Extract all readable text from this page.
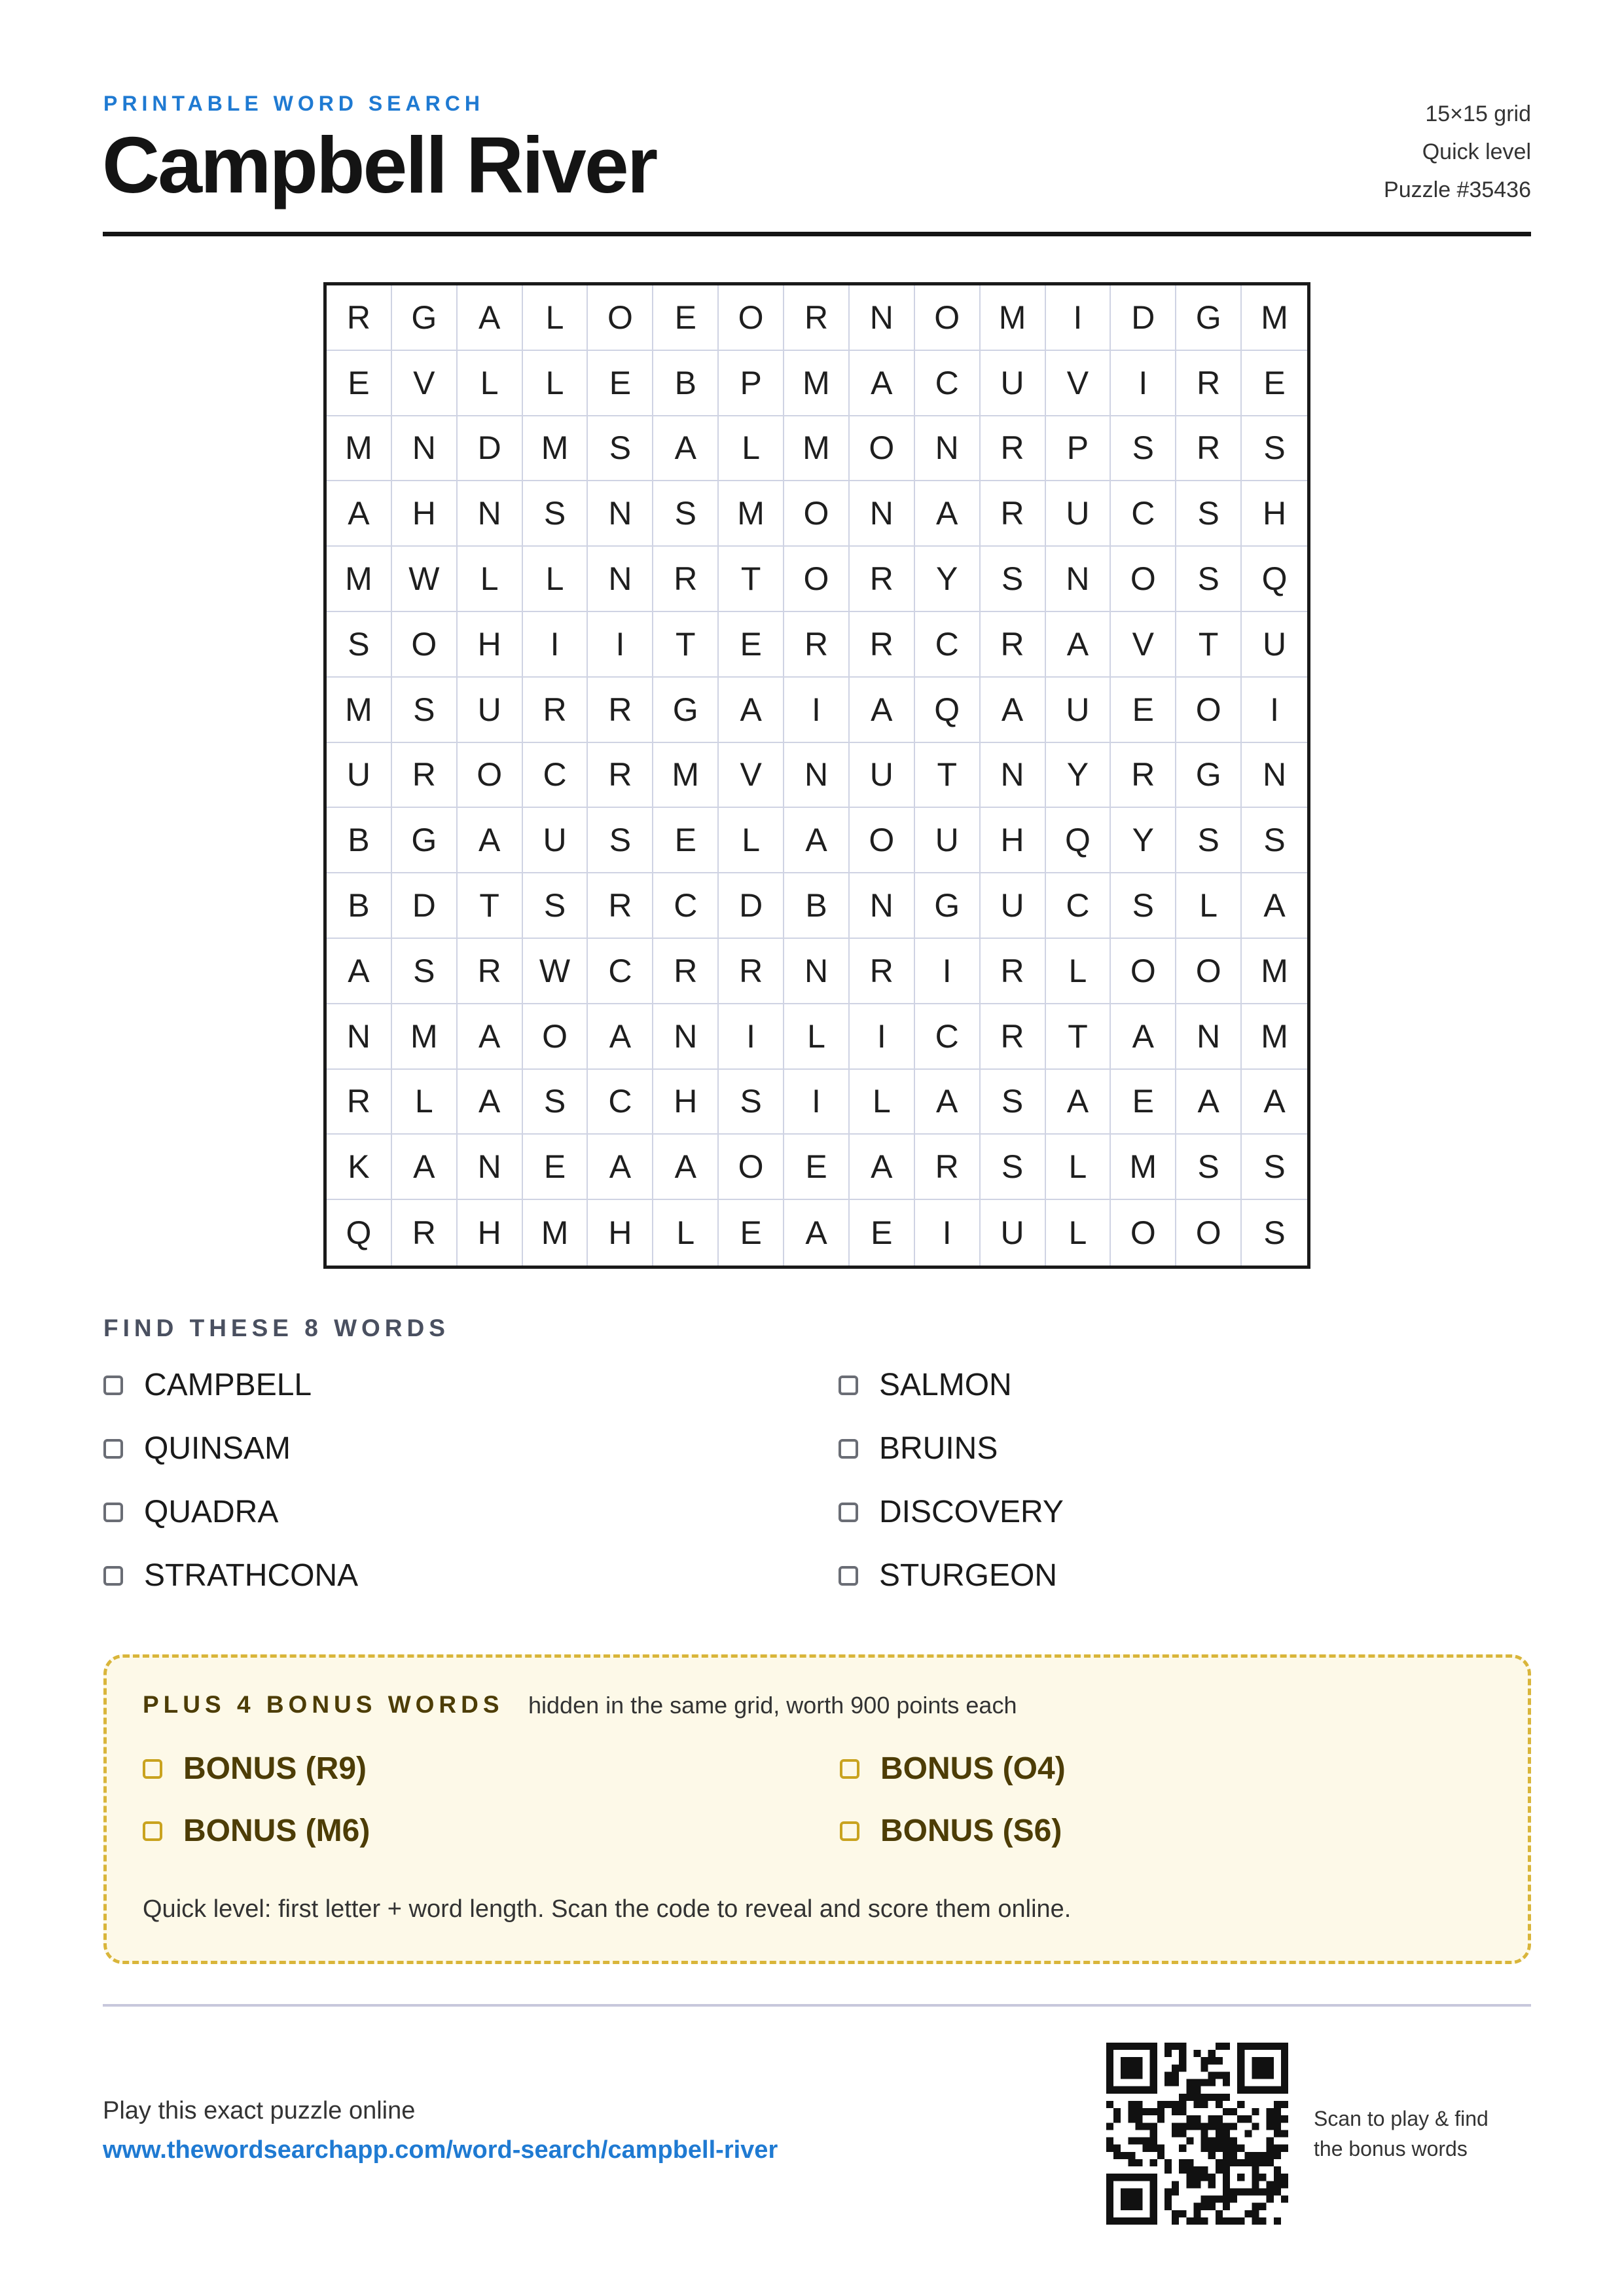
PRINTABLE WORD SEARCH
Campbell River
15×15 grid
Quick level
Puzzle #35436
R	G	A	L	O	E	O	R	N	O	M	I	D	G	M
E	V	L	L	E	B	P	M	A	C	U	V	I	R	E
M	N	D	M	S	A	L	M	O	N	R	P	S	R	S
A	H	N	S	N	S	M	O	N	A	R	U	C	S	H
M	W	L	L	N	R	T	O	R	Y	S	N	O	S	Q
S	O	H	I	I	T	E	R	R	C	R	A	V	T	U
M	S	U	R	R	G	A	I	A	Q	A	U	E	O	I
U	R	O	C	R	M	V	N	U	T	N	Y	R	G	N
B	G	A	U	S	E	L	A	O	U	H	Q	Y	S	S
B	D	T	S	R	C	D	B	N	G	U	C	S	L	A
A	S	R	W	C	R	R	N	R	I	R	L	O	O	M
N	M	A	O	A	N	I	L	I	C	R	T	A	N	M
R	L	A	S	C	H	S	I	L	A	S	A	E	A	A
K	A	N	E	A	A	O	E	A	R	S	L	M	S	S
Q	R	H	M	H	L	E	A	E	I	U	L	O	O	S
FIND THESE 8 WORDS
CAMPBELL
QUINSAM
QUADRA
STRATHCONA
SALMON
BRUINS
DISCOVERY
STURGEON
PLUS 4 BONUS WORDS hidden in the same grid, worth 900 points each
BONUS (R9)
BONUS (M6)
BONUS (O4)
BONUS (S6)
Quick level: first letter + word length. Scan the code to reveal and score them online.
Play this exact puzzle online
www.thewordsearchapp.com/word-search/campbell-river
Scan to play & find
the bonus words
